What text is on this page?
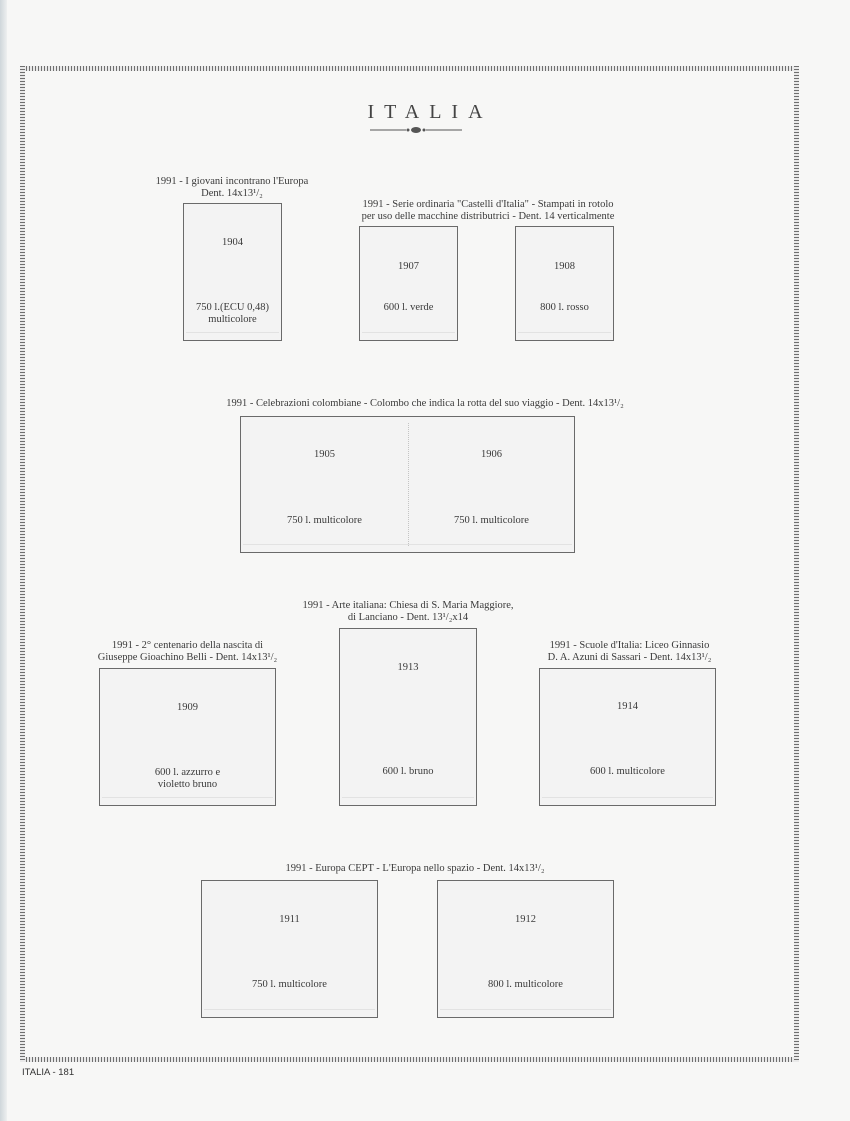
ITALIA
1991 - I giovani incontrano l'Europa
Dent. 14x13¹/₂
1904
750 l.(ECU 0,48)
multicolore
1991 - Serie ordinaria "Castelli d'Italia" - Stampati in rotolo
per uso delle macchine distributrici - Dent. 14 verticalmente
1907
600 l. verde
1908
800 l. rosso
1991 - Celebrazioni colombiane - Colombo che indica la rotta del suo viaggio - Dent. 14x13¹/₂
1905
750 l. multicolore
1906
750 l. multicolore
1991 - Arte italiana: Chiesa di S. Maria Maggiore,
di Lanciano - Dent. 13¹/₂x14
1913
600 l. bruno
1991 - 2° centenario della nascita di
Giuseppe Gioachino Belli - Dent. 14x13¹/₂
1909
600 l. azzurro e
violetto bruno
1991 - Scuole d'Italia: Liceo Ginnasio
D. A. Azuni di Sassari - Dent. 14x13¹/₂
1914
600 l. multicolore
1991 - Europa CEPT - L'Europa nello spazio - Dent. 14x13¹/₂
1911
750 l. multicolore
1912
800 l. multicolore
ITALIA - 181
